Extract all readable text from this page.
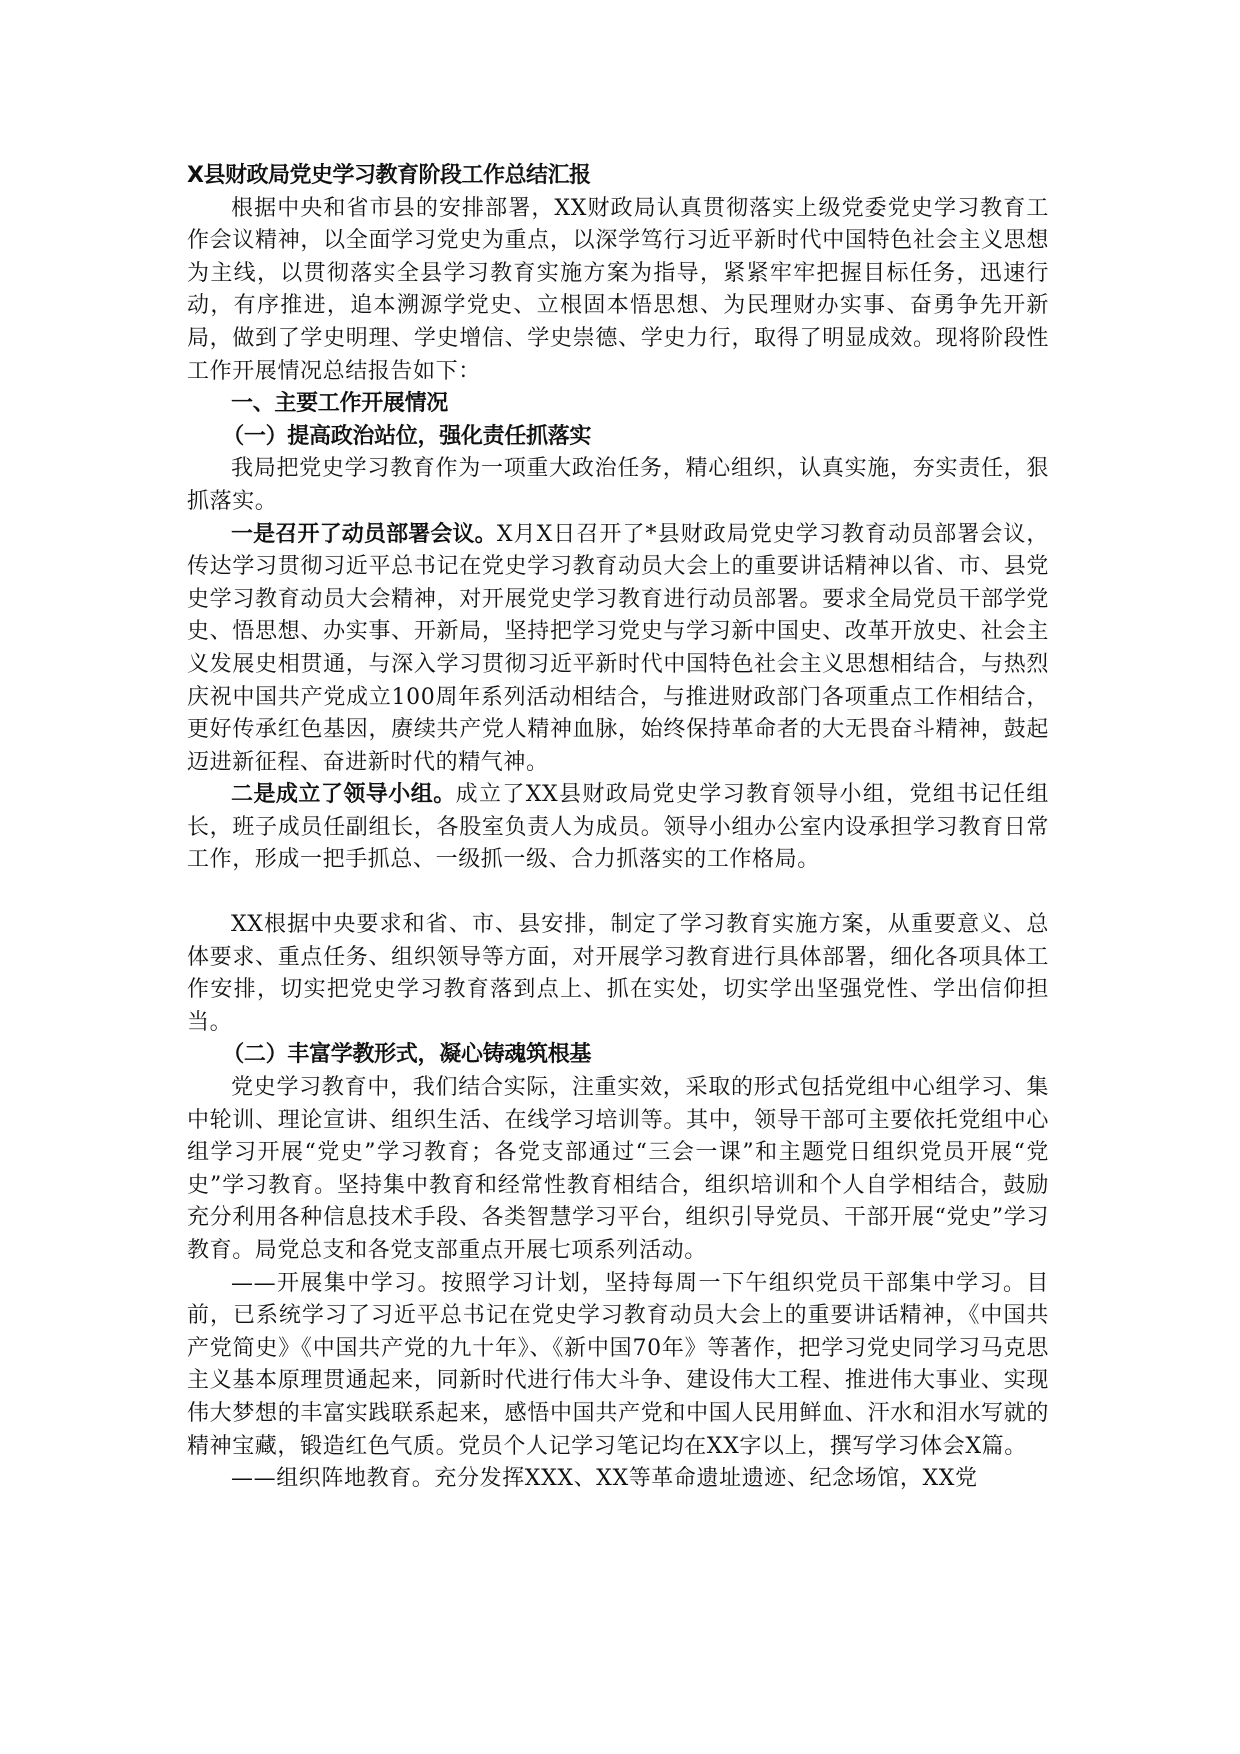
X县财政局党史学习教育阶段工作总结汇报

根据中央和省市县的安排部署，XX财政局认真贯彻落实上级党委党史学习教育工作会议精神，以全面学习党史为重点，以深学笃行习近平新时代中国特色社会主义思想为主线，以贯彻落实全县学习教育实施方案为指导，紧紧牢牢把握目标任务，迅速行动，有序推进，追本溯源学党史、立根固本悟思想、为民理财办实事、奋勇争先开新局，做到了学史明理、学史增信、学史崇德、学史力行，取得了明显成效。现将阶段性工作开展情况总结报告如下：

一、主要工作开展情况
（一）提高政治站位，强化责任抓落实

我局把党史学习教育作为一项重大政治任务，精心组织，认真实施，夯实责任，狠抓落实。

一是召开了动员部署会议。X月X日召开了*县财政局党史学习教育动员部署会议，传达学习贯彻习近平总书记在党史学习教育动员大会上的重要讲话精神以省、市、县党史学习教育动员大会精神，对开展党史学习教育进行动员部署。要求全局党员干部学党史、悟思想、办实事、开新局，坚持把学习党史与学习新中国史、改革开放史、社会主义发展史相贯通，与深入学习贯彻习近平新时代中国特色社会主义思想相结合，与热烈庆祝中国共产党成立100周年系列活动相结合，与推进财政部门各项重点工作相结合，更好传承红色基因，赓续共产党人精神血脉，始终保持革命者的大无畏奋斗精神，鼓起迈进新征程、奋进新时代的精气神。

二是成立了领导小组。成立了XX县财政局党史学习教育领导小组，党组书记任组长，班子成员任副组长，各股室负责人为成员。领导小组办公室内设承担学习教育日常工作，形成一把手抓总、一级抓一级、合力抓落实的工作格局。

XX根据中央要求和省、市、县安排，制定了学习教育实施方案，从重要意义、总体要求、重点任务、组织领导等方面，对开展学习教育进行具体部署，细化各项具体工作安排，切实把党史学习教育落到点上、抓在实处，切实学出坚强党性、学出信仰担当。

（二）丰富学教形式，凝心铸魂筑根基

党史学习教育中，我们结合实际，注重实效，采取的形式包括党组中心组学习、集中轮训、理论宣讲、组织生活、在线学习培训等。其中，领导干部可主要依托党组中心组学习开展“党史”学习教育；各党支部通过“三会一课”和主题党日组织党员开展“党史”学习教育。坚持集中教育和经常性教育相结合，组织培训和个人自学相结合，鼓励充分利用各种信息技术手段、各类智慧学习平台，组织引导党员、干部开展“党史”学习教育。局党总支和各党支部重点开展七项系列活动。

——开展集中学习。按照学习计划，坚持每周一下午组织党员干部集中学习。目前，已系统学习了习近平总书记在党史学习教育动员大会上的重要讲话精神，《中国共产党简史》《中国共产党的九十年》、《新中国70年》等著作，把学习党史同学习马克思主义基本原理贯通起来，同新时代进行伟大斗争、建设伟大工程、推进伟大事业、实现伟大梦想的丰富实践联系起来，感悟中国共产党和中国人民用鲜血、汗水和泪水写就的精神宝藏，锻造红色气质。党员个人记学习笔记均在XX字以上，撰写学习体会X篇。

——组织阵地教育。充分发挥XXX、XX等革命遗址遗迹、纪念场馆，XX党
